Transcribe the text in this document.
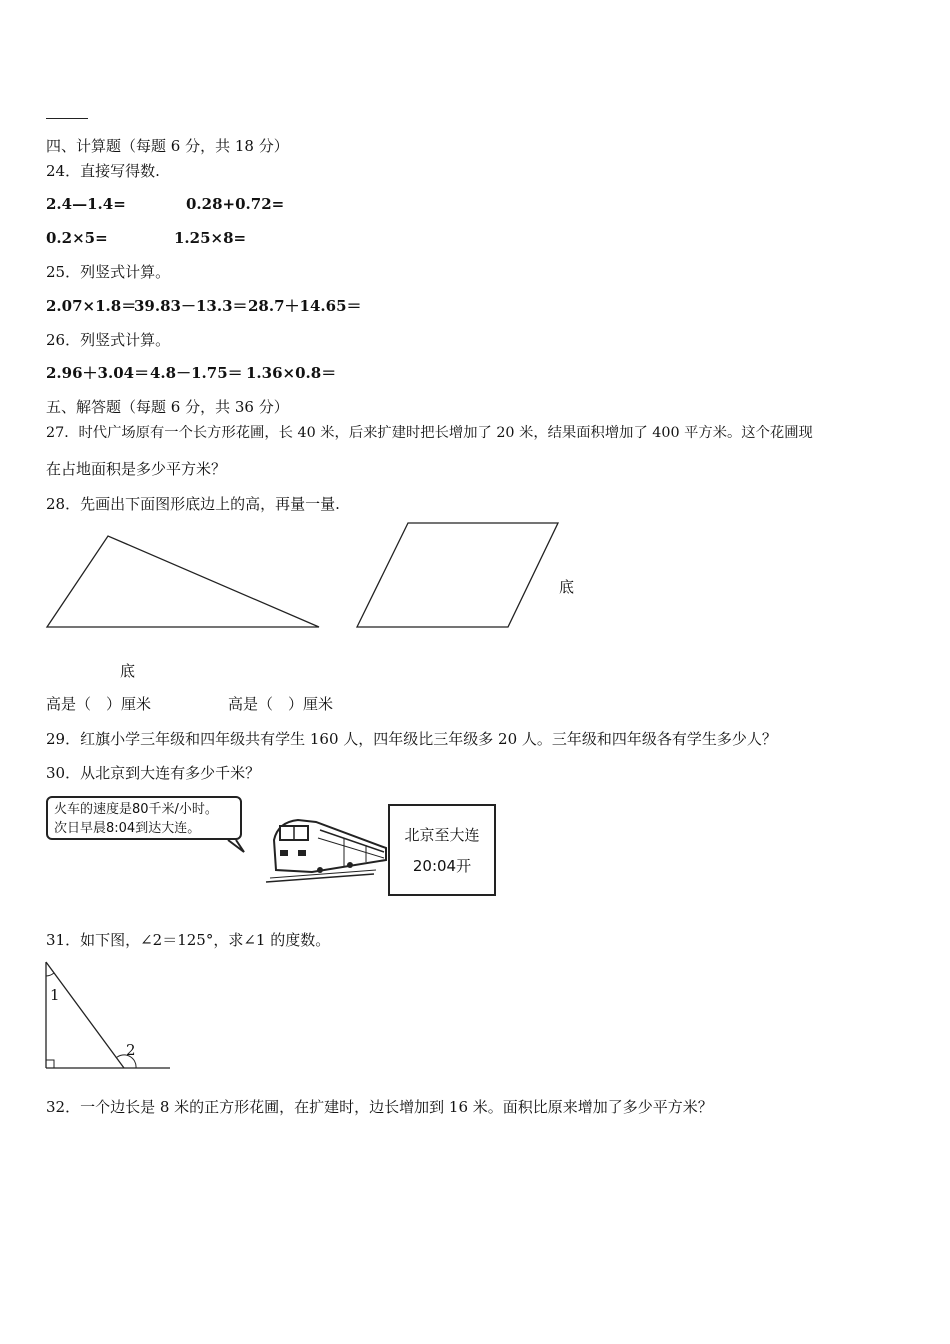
四、计算题（每题 6 分，共 18 分）
24．直接写得数.
2.4—1.4=	0.28+0.72=
0.2×5=	1.25×8=
25．列竖式计算。
2.07×1.8＝
39.83－13.3＝ 28.7＋14.65＝
26．列竖式计算。
2.96＋3.04＝ 4.8－1.75＝ 1.36×0.8＝
五、解答题（每题 6 分，共 36 分）
27．时代广场原有一个长方形花圃，长 40 米，后来扩建时把长增加了 20 米，结果面积增加了 400 平方米。这个花圃现
在占地面积是多少平方米？
28．先画出下面图形底边上的高，再量一量.
底
底
高是（　）厘米	高是（　）厘米
29．红旗小学三年级和四年级共有学生 160 人，四年级比三年级多 20 人。三年级和四年级各有学生多少人？
30．从北京到大连有多少千米？
火车的速度是80千米/小时。
次日早晨8:04到达大连。	北京至大连
20:04开
31．如下图，∠2＝125°，求∠1 的度数。
1
2
32．一个边长是 8 米的正方形花圃，在扩建时，边长增加到 16 米。面积比原来增加了多少平方米？
